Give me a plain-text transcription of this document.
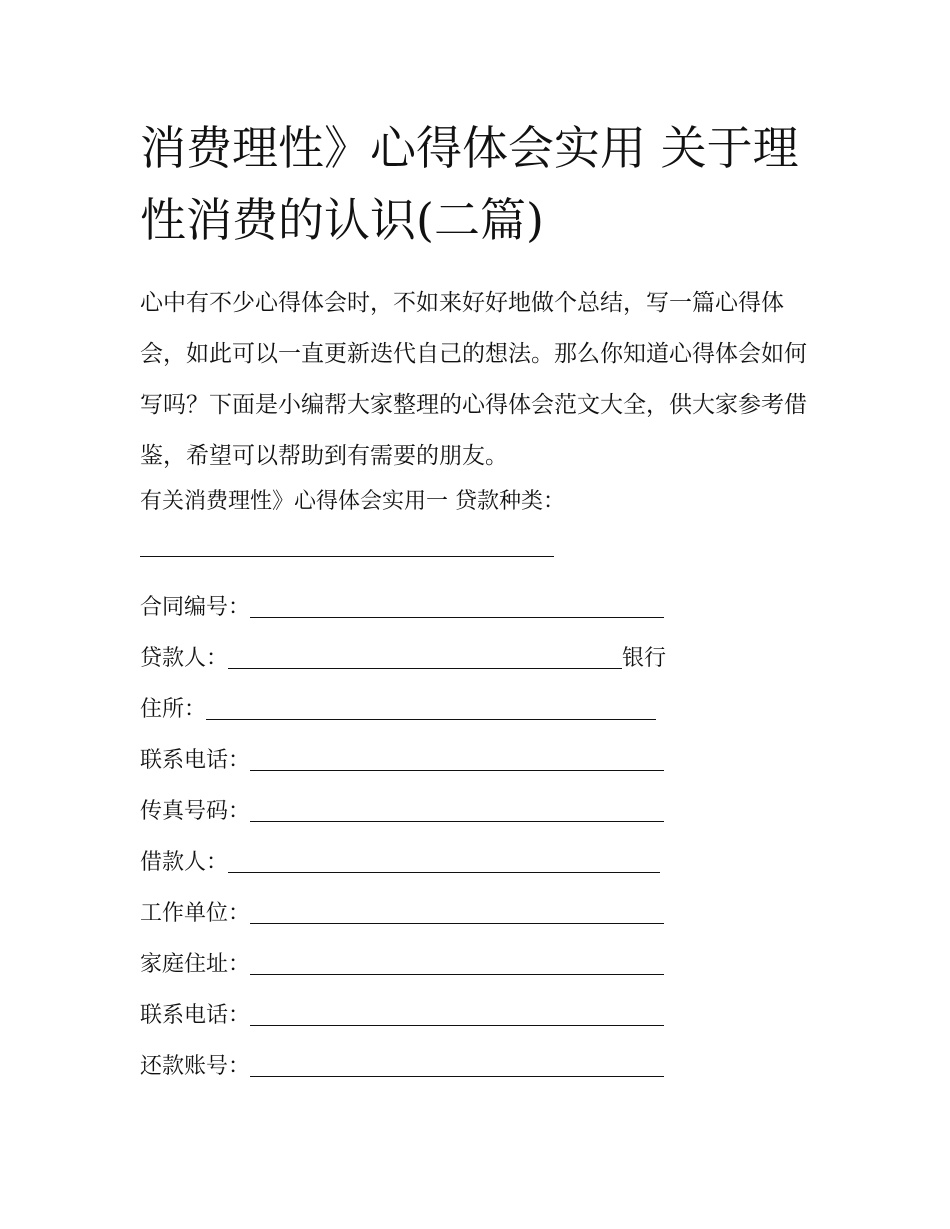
消费理性》心得体会实用 关于理性消费的认识(二篇)

心中有不少心得体会时，不如来好好地做个总结，写一篇心得体会，如此可以一直更新迭代自己的想法。那么你知道心得体会如何写吗？下面是小编帮大家整理的心得体会范文大全，供大家参考借鉴，希望可以帮助到有需要的朋友。

有关消费理性》心得体会实用一 贷款种类：

合同编号：
贷款人：	银行
住所：
联系电话：
传真号码：
借款人：
工作单位：
家庭住址：
联系电话：
还款账号：
